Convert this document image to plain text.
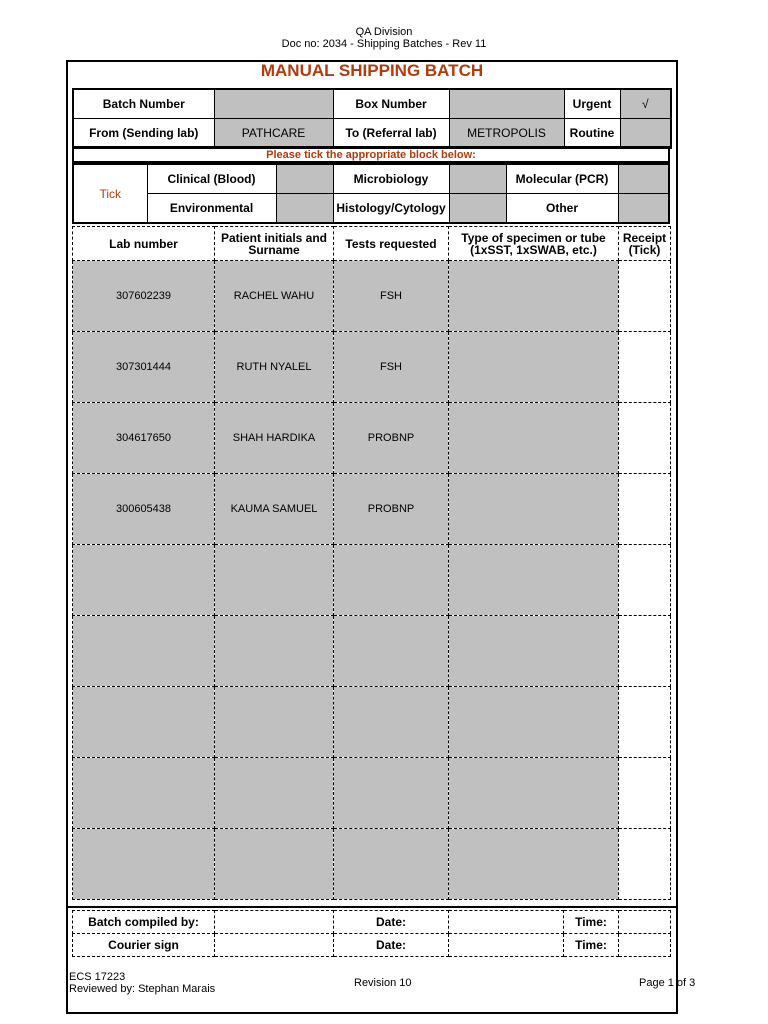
QA Division
Doc no: 2034 - Shipping Batches - Rev 11
MANUAL SHIPPING BATCH
Batch Number		Box Number		Urgent	√
From (Sending lab)	PATHCARE	To (Referral lab)	METROPOLIS	Routine	
Please tick the appropriate block below:
Tick	Clinical (Blood)		Microbiology		Molecular (PCR)	
	Environmental		Histology/Cytology		Other	
Lab number	Patient initials and Surname	Tests requested	Type of specimen or tube (1xSST, 1xSWAB, etc.)	Receipt (Tick)
307602239	RACHEL WAHU	FSH		
307301444	RUTH NYALEL	FSH		
304617650	SHAH HARDIKA	PROBNP		
300605438	KAUMA SAMUEL	PROBNP		

Batch compiled by:		Date:		Time:	
Courier sign		Date:		Time:	
ECS 17223
Reviewed by: Stephan Marais	Revision 10	Page 1 of 3
